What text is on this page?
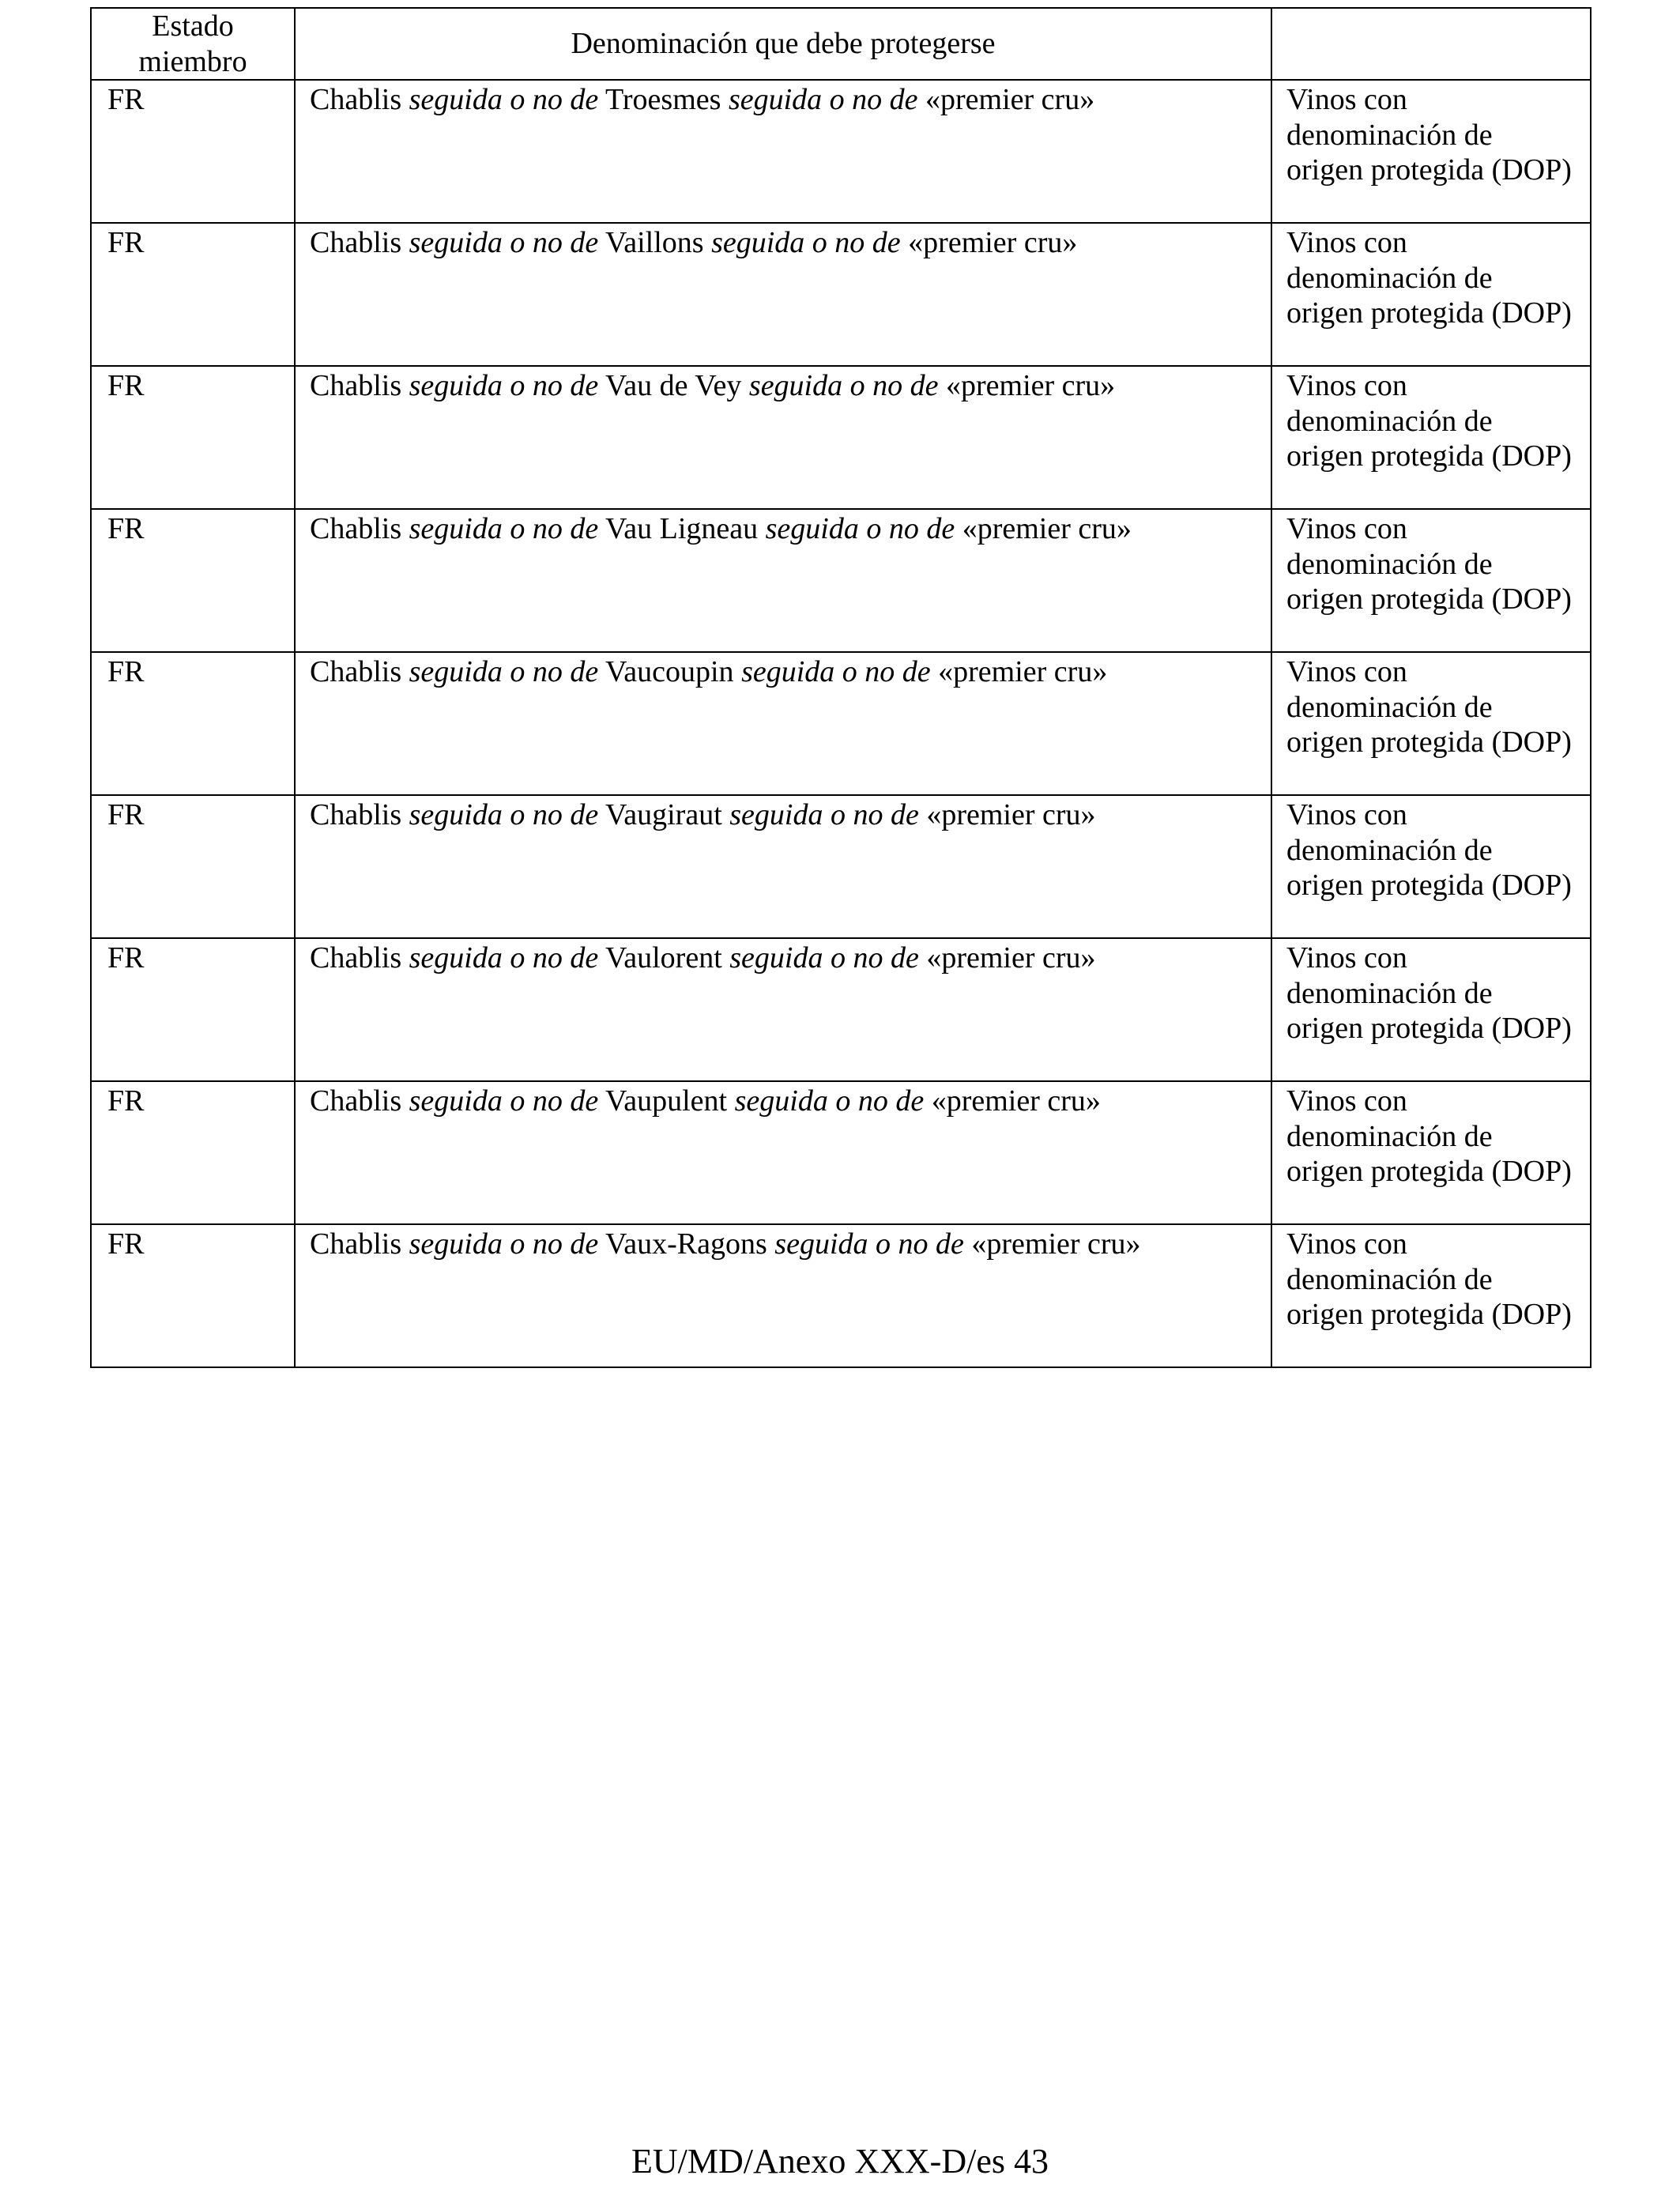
Estado miembro	Denominación que debe protegerse	
FR	Chablis seguida o no de Troesmes seguida o no de «premier cru»	Vinos con denominación de origen protegida (DOP)
FR	Chablis seguida o no de Vaillons seguida o no de «premier cru»	Vinos con denominación de origen protegida (DOP)
FR	Chablis seguida o no de Vau de Vey seguida o no de «premier cru»	Vinos con denominación de origen protegida (DOP)
FR	Chablis seguida o no de Vau Ligneau seguida o no de «premier cru»	Vinos con denominación de origen protegida (DOP)
FR	Chablis seguida o no de Vaucoupin seguida o no de «premier cru»	Vinos con denominación de origen protegida (DOP)
FR	Chablis seguida o no de Vaugiraut seguida o no de «premier cru»	Vinos con denominación de origen protegida (DOP)
FR	Chablis seguida o no de Vaulorent seguida o no de «premier cru»	Vinos con denominación de origen protegida (DOP)
FR	Chablis seguida o no de Vaupulent seguida o no de «premier cru»	Vinos con denominación de origen protegida (DOP)
FR	Chablis seguida o no de Vaux-Ragons seguida o no de «premier cru»	Vinos con denominación de origen protegida (DOP)
EU/MD/Anexo XXX-D/es 43
